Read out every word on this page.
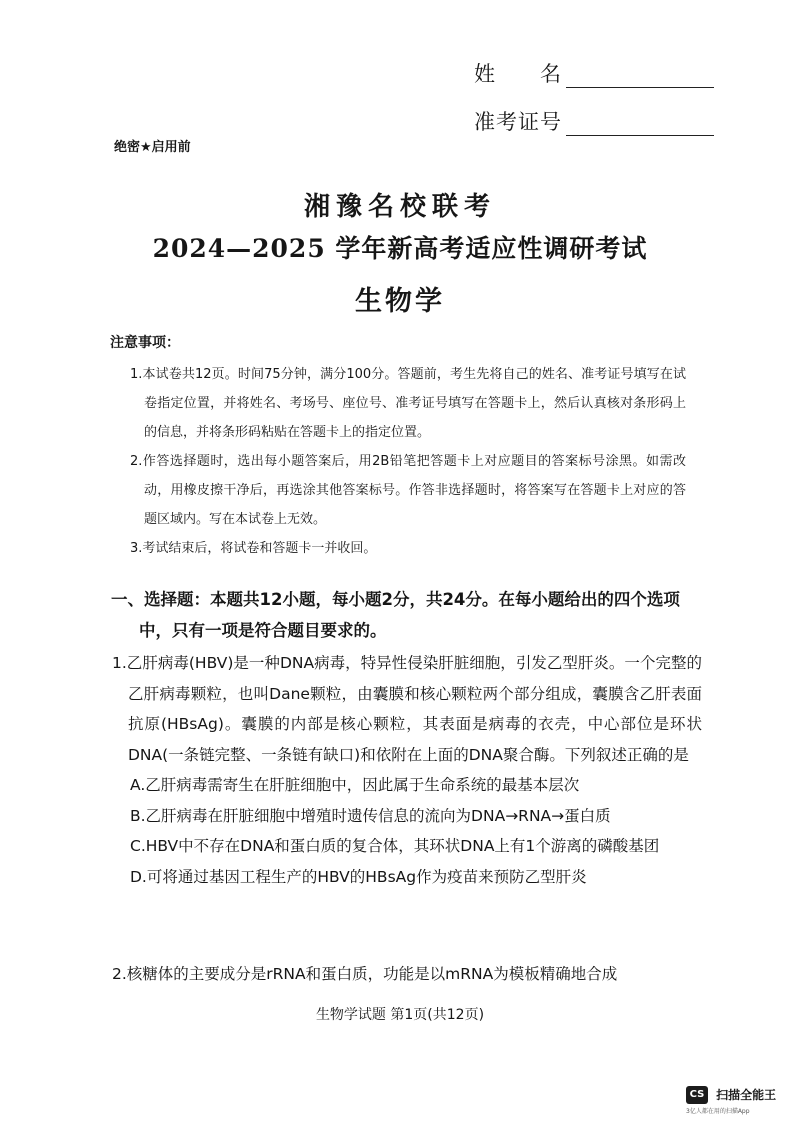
姓　　名
准考证号
绝密★启用前
湘豫名校联考
2024—2025 学年新高考适应性调研考试
生物学
注意事项：

1.本试卷共12页。时间75分钟，满分100分。答题前，考生先将自己的姓名、准考证号填写在试卷指定位置，并将姓名、考场号、座位号、准考证号填写在答题卡上，然后认真核对条形码上的信息，并将条形码粘贴在答题卡上的指定位置。

2.作答选择题时，选出每小题答案后，用2B铅笔把答题卡上对应题目的答案标号涂黑。如需改动，用橡皮擦干净后，再选涂其他答案标号。作答非选择题时，将答案写在答题卡上对应的答题区域内。写在本试卷上无效。

3.考试结束后，将试卷和答题卡一并收回。

一、选择题：本题共12小题，每小题2分，共24分。在每小题给出的四个选项
中，只有一项是符合题目要求的。

1.乙肝病毒(HBV)是一种DNA病毒，特异性侵染肝脏细胞，引发乙型肝炎。一个完整的乙肝病毒颗粒，也叫Dane颗粒，由囊膜和核心颗粒两个部分组成，囊膜含乙肝表面抗原(HBsAg)。囊膜的内部是核心颗粒，其表面是病毒的衣壳，中心部位是环状DNA(一条链完整、一条链有缺口)和依附在上面的DNA聚合酶。下列叙述正确的是

A.乙肝病毒需寄生在肝脏细胞中，因此属于生命系统的最基本层次

B.乙肝病毒在肝脏细胞中增殖时遗传信息的流向为DNA→RNA→蛋白质

C.HBV中不存在DNA和蛋白质的复合体，其环状DNA上有1个游离的磷酸基团

D.可将通过基因工程生产的HBV的HBsAg作为疫苗来预防乙型肝炎

2.核糖体的主要成分是rRNA和蛋白质，功能是以mRNA为模板精确地合成
生物学试题 第1页(共12页)
CS 扫描全能王
3亿人都在用的扫描App
